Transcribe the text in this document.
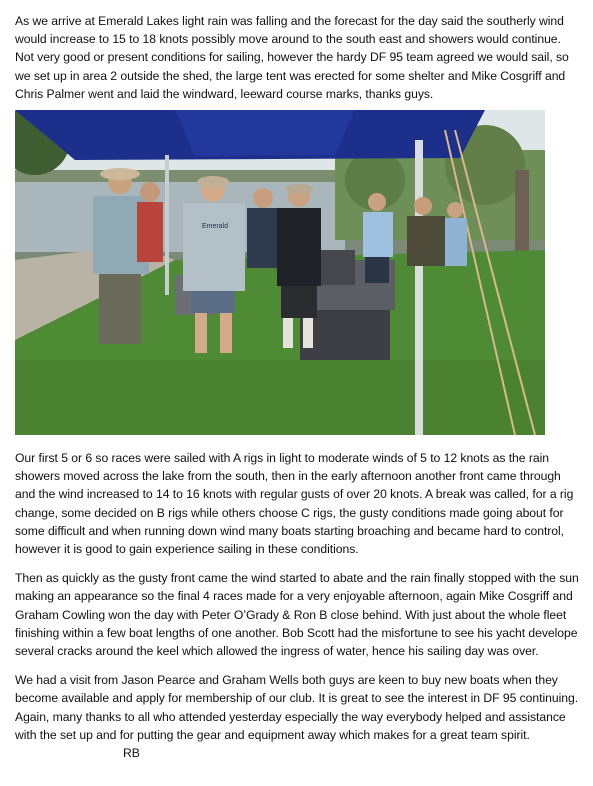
As we arrive at Emerald Lakes light rain was falling and the forecast for the day said the southerly wind would increase to 15 to 18 knots possibly move around to the south east and showers would continue. Not very good or present conditions for sailing, however the hardy DF 95 team agreed we would sail, so we set up in area 2 outside the shed, the large tent was erected for some shelter and Mike Cosgriff and Chris Palmer went and laid the windward, leeward course marks, thanks guys.

Emerald

Our first 5 or 6 so races were sailed with A rigs in light to moderate winds of 5 to 12 knots as the rain showers moved across the lake from the south, then in the early afternoon another front came through and the wind increased to 14 to 16 knots with regular gusts of over 20 knots. A break was called, for a rig change, some decided on B rigs while others choose C rigs, the gusty conditions made going about for some difficult and when running down wind many boats starting broaching and became hard to control, however it is good to gain experience sailing in these conditions.

Then as quickly as the gusty front came the wind started to abate and the rain finally stopped with the sun making an appearance so the final 4 races made for a very enjoyable afternoon, again Mike Cosgriff and Graham Cowling won the day with Peter O’Grady & Ron B close behind. With just about the whole fleet finishing within a few boat lengths of one another. Bob Scott had the misfortune to see his yacht develope several cracks around the keel which allowed the ingress of water, hence his sailing day was over.

We had a visit from Jason Pearce and Graham Wells both guys are keen to buy new boats when they become available and apply for membership of our club. It is great to see the interest in DF 95 continuing. Again, many thanks to all who attended yesterday especially the way everybody helped and assistance with the set up and for putting the gear and equipment away which makes for a great team spirit.RB
